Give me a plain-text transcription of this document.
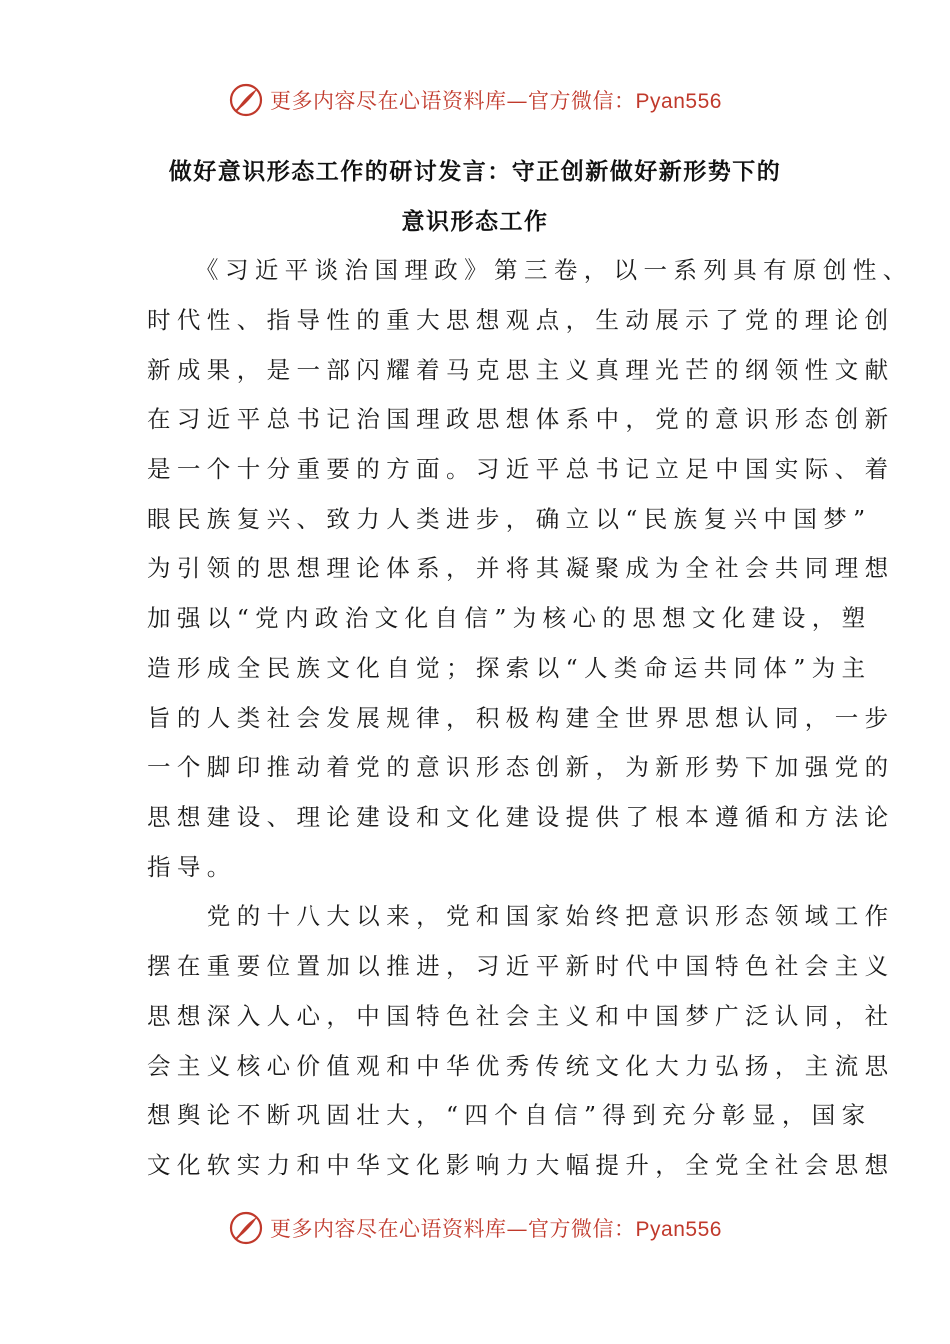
更多内容尽在心语资料库—官方微信：Pyan556
做好意识形态工作的研讨发言：守正创新做好新形势下的
意识形态工作
　　《习近平谈治国理政》第三卷，以一系列具有原创性、
时代性、指导性的重大思想观点，生动展示了党的理论创
新成果，是一部闪耀着马克思主义真理光芒的纲领性文献
在习近平总书记治国理政思想体系中，党的意识形态创新
是一个十分重要的方面。习近平总书记立足中国实际、着
眼民族复兴、致力人类进步，确立以“民族复兴中国梦”
为引领的思想理论体系，并将其凝聚成为全社会共同理想
加强以“党内政治文化自信”为核心的思想文化建设，塑
造形成全民族文化自觉；探索以“人类命运共同体”为主
旨的人类社会发展规律，积极构建全世界思想认同，一步
一个脚印推动着党的意识形态创新，为新形势下加强党的
思想建设、理论建设和文化建设提供了根本遵循和方法论
指导。
　　党的十八大以来，党和国家始终把意识形态领域工作
摆在重要位置加以推进，习近平新时代中国特色社会主义
思想深入人心，中国特色社会主义和中国梦广泛认同，社
会主义核心价值观和中华优秀传统文化大力弘扬，主流思
想舆论不断巩固壮大，“四个自信”得到充分彰显，国家
文化软实力和中华文化影响力大幅提升，全党全社会思想
更多内容尽在心语资料库—官方微信：Pyan556
